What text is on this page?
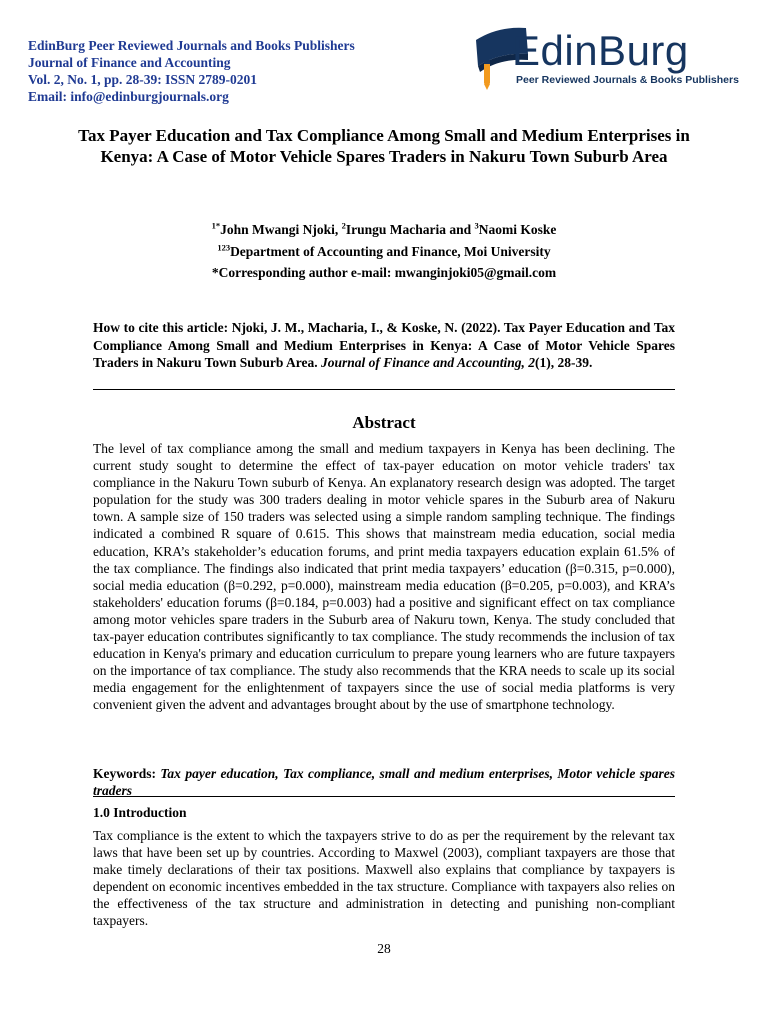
EdinBurg Peer Reviewed Journals and Books Publishers
Journal of Finance and Accounting
Vol. 2, No. 1, pp. 28-39: ISSN 2789-0201
Email: info@edinburgjournals.org
EdinBurg
Peer Reviewed Journals & Books Publishers
Tax Payer Education and Tax Compliance Among Small and Medium Enterprises in Kenya: A Case of Motor Vehicle Spares Traders in Nakuru Town Suburb Area
$^{1*}$John Mwangi Njoki, $^2$Irungu Macharia and $^3$Naomi Koske
$^{123}$Department of Accounting and Finance, Moi University
*Corresponding author e-mail: mwanginjoki05@gmail.com
How to cite this article: Njoki, J. M., Macharia, I., & Koske, N. (2022). Tax Payer Education and Tax Compliance Among Small and Medium Enterprises in Kenya: A Case of Motor Vehicle Spares Traders in Nakuru Town Suburb Area. Journal of Finance and Accounting, 2(1), 28-39.
Abstract

The level of tax compliance among the small and medium taxpayers in Kenya has been declining. The current study sought to determine the effect of tax-payer education on motor vehicle traders' tax compliance in the Nakuru Town suburb of Kenya. An explanatory research design was adopted. The target population for the study was 300 traders dealing in motor vehicle spares in the Suburb area of Nakuru town. A sample size of 150 traders was selected using a simple random sampling technique. The findings indicated a combined R square of 0.615. This shows that mainstream media education, social media education, KRA’s stakeholder’s education forums, and print media taxpayers education explain 61.5% of the tax compliance. The findings also indicated that print media taxpayers’ education (β=0.315, p=0.000), social media education (β=0.292, p=0.000), mainstream media education (β=0.205, p=0.003), and KRA’s stakeholders' education forums (β=0.184, p=0.003) had a positive and significant effect on tax compliance among motor vehicles spare traders in the Suburb area of Nakuru town, Kenya. The study concluded that tax-payer education contributes significantly to tax compliance. The study recommends the inclusion of tax education in Kenya's primary and education curriculum to prepare young learners who are future taxpayers on the importance of tax compliance. The study also recommends that the KRA needs to scale up its social media engagement for the enlightenment of taxpayers since the use of social media platforms is very convenient given the advent and advantages brought about by the use of smartphone technology.

Keywords: Tax payer education, Tax compliance, small and medium enterprises, Motor vehicle spares traders
1.0 Introduction

Tax compliance is the extent to which the taxpayers strive to do as per the requirement by the relevant tax laws that have been set up by countries. According to Maxwel (2003), compliant taxpayers are those that make timely declarations of their tax positions. Maxwell also explains that compliance by taxpayers is dependent on economic incentives embedded in the tax structure. Compliance with taxpayers also relies on the effectiveness of the tax structure and administration in detecting and punishing non-compliant taxpayers.

28
